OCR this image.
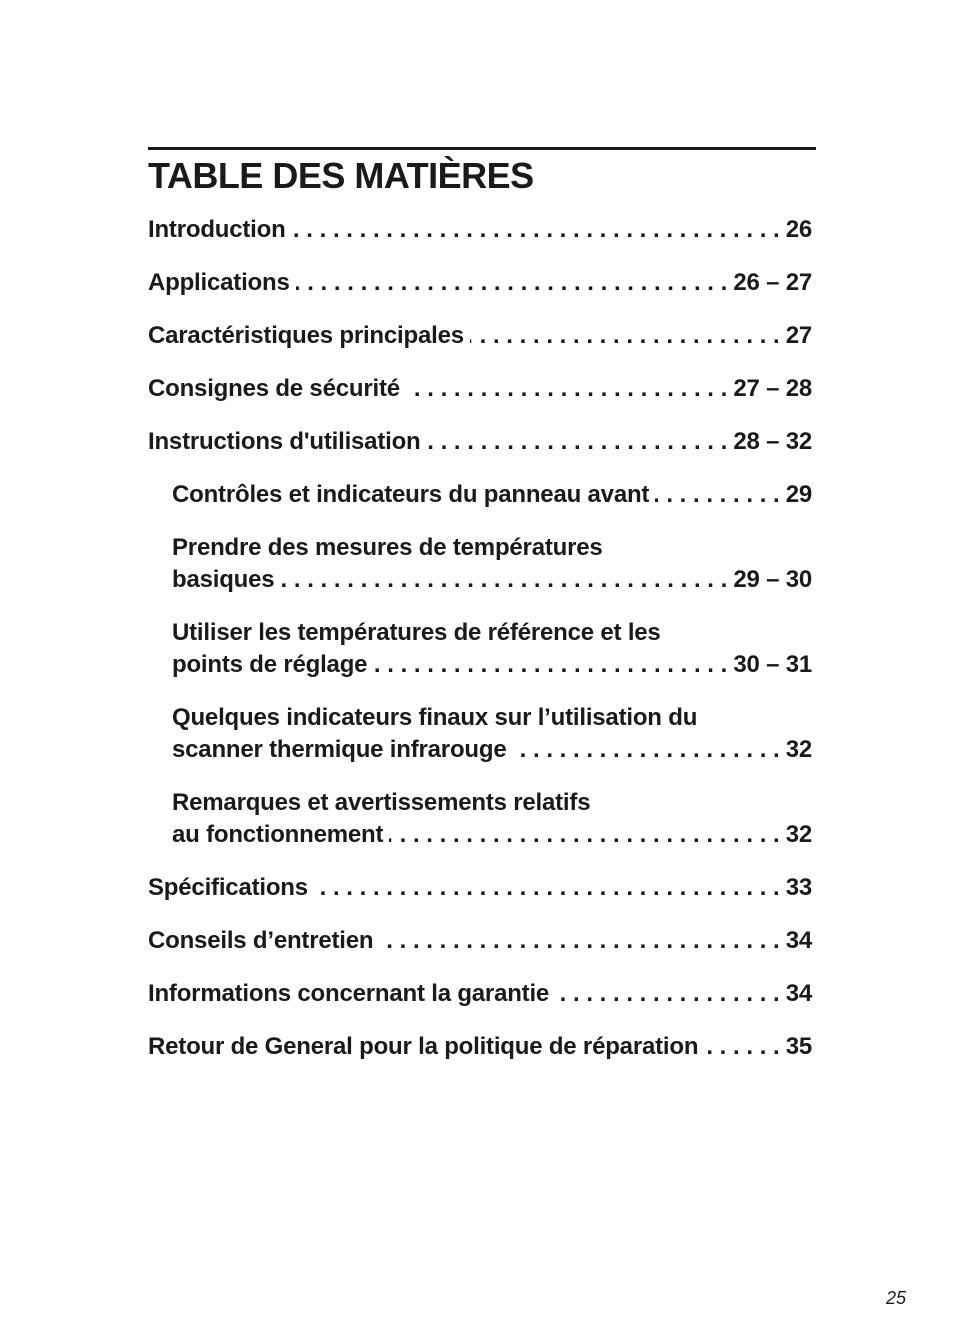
TABLE DES MATIÈRES
Introduction . . .	26
Applications . . .	26 – 27
Caractéristiques principales . . .	27
Consignes de sécurité . . .	27 – 28
Instructions d'utilisation . . .	28 – 32
Contrôles et indicateurs du panneau avant . . .	29
Prendre des mesures de températures
basiques . . .	29 – 30
Utiliser les températures de référence et les
points de réglage . . .	30 – 31
Quelques indicateurs finaux sur l’utilisation du
scanner thermique infrarouge . . .	32
Remarques et avertissements relatifs
au fonctionnement . . .	32
Spécifications . . .	33
Conseils d’entretien . . .	34
Informations concernant la garantie . . .	34
Retour de General pour la politique de réparation . . .	35
25
